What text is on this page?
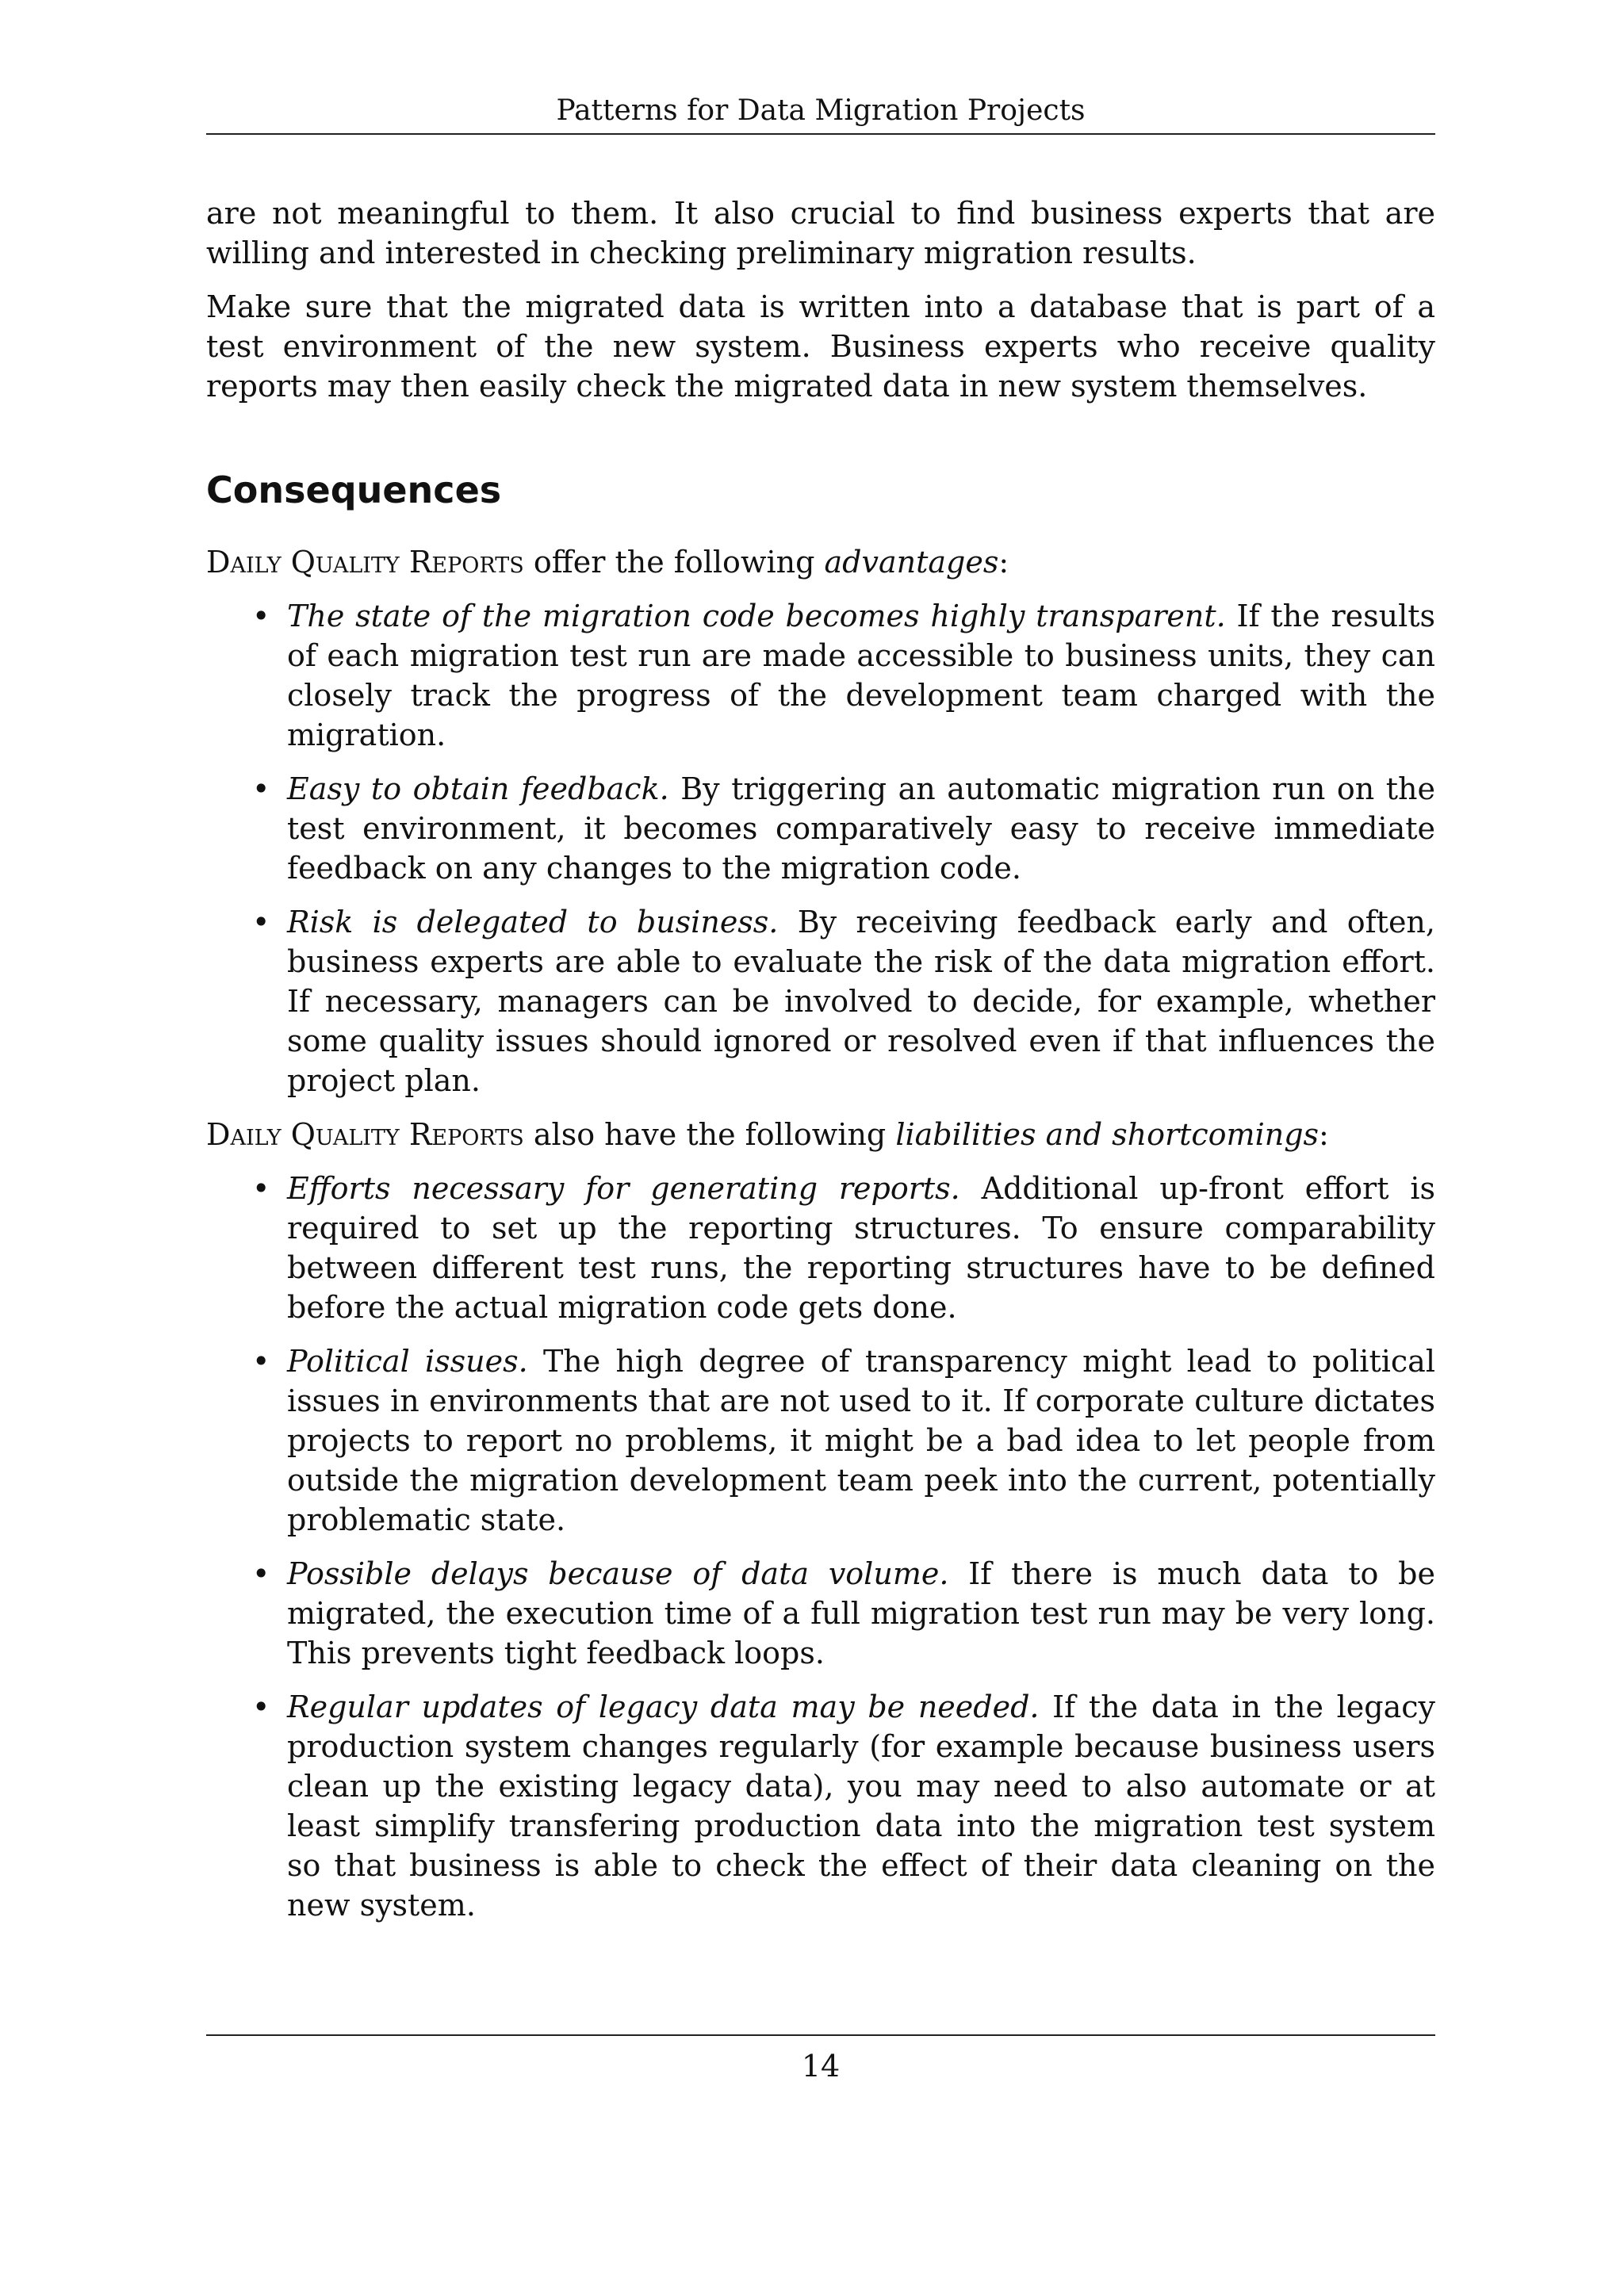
Patterns for Data Migration Projects

are not meaningful to them. It also crucial to find business experts that are willing and interested in checking preliminary migration results.

Make sure that the migrated data is written into a database that is part of a test environment of the new system. Business experts who receive quality reports may then easily check the migrated data in new system themselves.

Consequences

Daily Quality Reports offer the following advantages:

• The state of the migration code becomes highly transparent. If the results of each migration test run are made accessible to business units, they can closely track the progress of the development team charged with the migration.
• Easy to obtain feedback. By triggering an automatic migration run on the test environment, it becomes comparatively easy to receive immediate feedback on any changes to the migration code.
• Risk is delegated to business. By receiving feedback early and often, business experts are able to evaluate the risk of the data migration effort. If necessary, managers can be involved to decide, for example, whether some quality issues should ignored or resolved even if that influences the project plan.

Daily Quality Reports also have the following liabilities and shortcomings:

• Efforts necessary for generating reports. Additional up-front effort is required to set up the reporting structures. To ensure comparability between different test runs, the reporting structures have to be defined before the actual migration code gets done.
• Political issues. The high degree of transparency might lead to political issues in environments that are not used to it. If corporate culture dictates projects to report no problems, it might be a bad idea to let people from outside the migration development team peek into the current, potentially problematic state.
• Possible delays because of data volume. If there is much data to be migrated, the execution time of a full migration test run may be very long. This prevents tight feedback loops.
• Regular updates of legacy data may be needed. If the data in the legacy production system changes regularly (for example because business users clean up the existing legacy data), you may need to also automate or at least simplify transfering production data into the migration test system so that business is able to check the effect of their data cleaning on the new system.
14
